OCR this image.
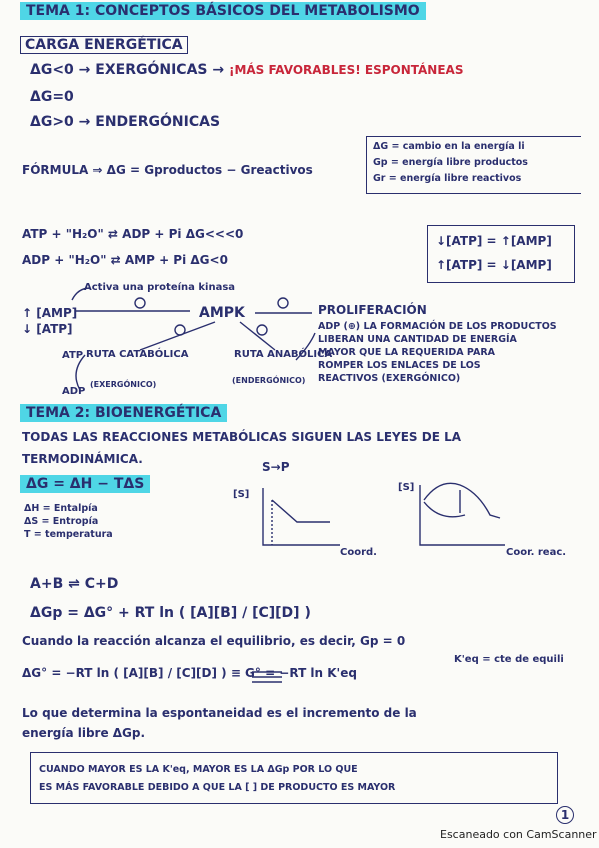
TEMA 1: CONCEPTOS BÁSICOS DEL METABOLISMO
CARGA ENERGÉTICA
ΔG<0 → EXERGÓNICAS → ¡MÁS FAVORABLES! ESPONTÁNEAS
ΔG=0
ΔG>0 → ENDERGÓNICAS
FÓRMULA ⇒ ΔG = Gproductos − Greactivos
ΔG = cambio en la energía li
Gp = energía libre productos
Gr = energía libre reactivos
ATP + "H₂O" ⇄ ADP + Pi ΔG<<<0
ADP + "H₂O" ⇄ AMP + Pi ΔG<0
↓[ATP] = ↑[AMP]
↑[ATP] = ↓[AMP]
Activa una proteína kinasa
↑ [AMP]
↓ [ATP]
AMPK	PROLIFERACIÓN
RUTA CATABÓLICA
(EXERGÓNICO)
RUTA ANABÓLICA
(ENDERGÓNICO)
ATP
ADP
ADP (⊕) LA FORMACIÓN DE LOS PRODUCTOS
LIBERAN UNA CANTIDAD DE ENERGÍA
MAYOR QUE LA REQUERIDA PARA
ROMPER LOS ENLACES DE LOS
REACTIVOS (EXERGÓNICO)
TEMA 2: BIOENERGÉTICA
TODAS LAS REACCIONES METABÓLICAS SIGUEN LAS LEYES DE LA
TERMODINÁMICA.
ΔG = ΔH − TΔS
ΔH = Entalpía
ΔS = Entropía
T = temperatura
S→P
[S]
Coord.
[S]
Coor. reac.
A+B ⇌ C+D
ΔGp = ΔG° + RT ln ( [A][B] / [C][D] )
Cuando la reacción alcanza el equilibrio, es decir, Gp = 0
ΔG° = −RT ln ( [A][B] / [C][D] ) ≡ G° = −RT ln K'eq
K'eq = cte de equili
Lo que determina la espontaneidad es el incremento de la
energía libre ΔGp.
CUANDO MAYOR ES LA K'eq, MAYOR ES LA ΔGp POR LO QUE
ES MÁS FAVORABLE DEBIDO A QUE LA [ ] DE PRODUCTO ES MAYOR
1
Escaneado con CamScanner
